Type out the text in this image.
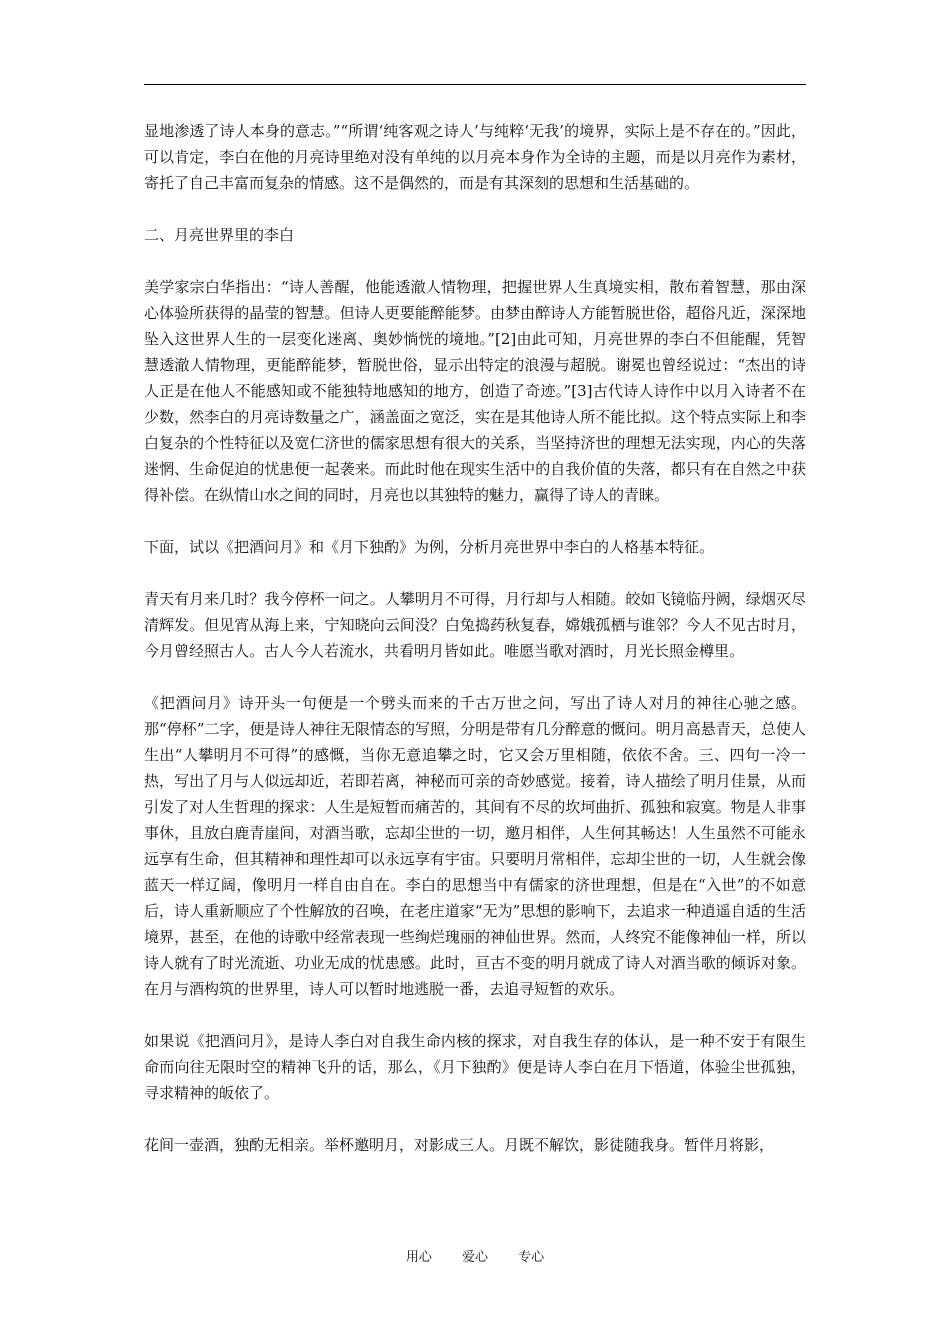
显地渗透了诗人本身的意志。”“所谓‘纯客观之诗人’与纯粹‘无我’的境界，实际上是不存在的。”因此，可以肯定，李白在他的月亮诗里绝对没有单纯的以月亮本身作为全诗的主题，而是以月亮作为素材，寄托了自己丰富而复杂的情感。这不是偶然的，而是有其深刻的思想和生活基础的。

二、月亮世界里的李白

美学家宗白华指出：“诗人善醒，他能透澈人情物理，把握世界人生真境实相，散布着智慧，那由深心体验所获得的晶莹的智慧。但诗人更要能醉能梦。由梦由醉诗人方能暂脱世俗，超俗凡近，深深地坠入这世界人生的一层变化迷离、奥妙惝恍的境地。”[2]由此可知，月亮世界的李白不但能醒，凭智慧透澈人情物理，更能醉能梦，暂脱世俗，显示出特定的浪漫与超脱。谢冕也曾经说过：“杰出的诗人正是在他人不能感知或不能独特地感知的地方，创造了奇迹。”[3]古代诗人诗作中以月入诗者不在少数，然李白的月亮诗数量之广，涵盖面之宽泛，实在是其他诗人所不能比拟。这个特点实际上和李白复杂的个性特征以及宽仁济世的儒家思想有很大的关系，当坚持济世的理想无法实现，内心的失落迷惘、生命促迫的忧患便一起袭来。而此时他在现实生活中的自我价值的失落，都只有在自然之中获得补偿。在纵情山水之间的同时，月亮也以其独特的魅力，赢得了诗人的青睐。

下面，试以《把酒问月》和《月下独酌》为例，分析月亮世界中李白的人格基本特征。

青天有月来几时？我今停杯一问之。人攀明月不可得，月行却与人相随。皎如飞镜临丹阙，绿烟灭尽清辉发。但见宵从海上来，宁知晓向云间没？白兔捣药秋复春，嫦娥孤栖与谁邻？今人不见古时月，今月曾经照古人。古人今人若流水，共看明月皆如此。唯愿当歌对酒时，月光长照金樽里。

《把酒问月》诗开头一句便是一个劈头而来的千古万世之问，写出了诗人对月的神往心驰之感。那“停杯”二字，便是诗人神往无限情态的写照，分明是带有几分醉意的慨问。明月高悬青天，总使人生出“人攀明月不可得”的感慨，当你无意追攀之时，它又会万里相随，依依不舍。三、四句一冷一热，写出了月与人似远却近，若即若离，神秘而可亲的奇妙感觉。接着，诗人描绘了明月佳景，从而引发了对人生哲理的探求：人生是短暂而痛苦的，其间有不尽的坎坷曲折、孤独和寂寞。物是人非事事休，且放白鹿青崖间，对酒当歌，忘却尘世的一切，邀月相伴，人生何其畅达！人生虽然不可能永远享有生命，但其精神和理性却可以永远享有宇宙。只要明月常相伴，忘却尘世的一切，人生就会像蓝天一样辽阔，像明月一样自由自在。李白的思想当中有儒家的济世理想，但是在“入世”的不如意后，诗人重新顺应了个性解放的召唤，在老庄道家“无为”思想的影响下，去追求一种逍遥自适的生活境界，甚至，在他的诗歌中经常表现一些绚烂瑰丽的神仙世界。然而，人终究不能像神仙一样，所以诗人就有了时光流逝、功业无成的忧患感。此时，亘古不变的明月就成了诗人对酒当歌的倾诉对象。在月与酒构筑的世界里，诗人可以暂时地逃脱一番，去追寻短暂的欢乐。

如果说《把酒问月》，是诗人李白对自我生命内核的探求，对自我生存的体认，是一种不安于有限生命而向往无限时空的精神飞升的话，那么，《月下独酌》便是诗人李白在月下悟道，体验尘世孤独，寻求精神的皈依了。

花间一壶酒，独酌无相亲。举杯邀明月，对影成三人。月既不解饮，影徒随我身。暂伴月将影，

用心 爱心 专心
